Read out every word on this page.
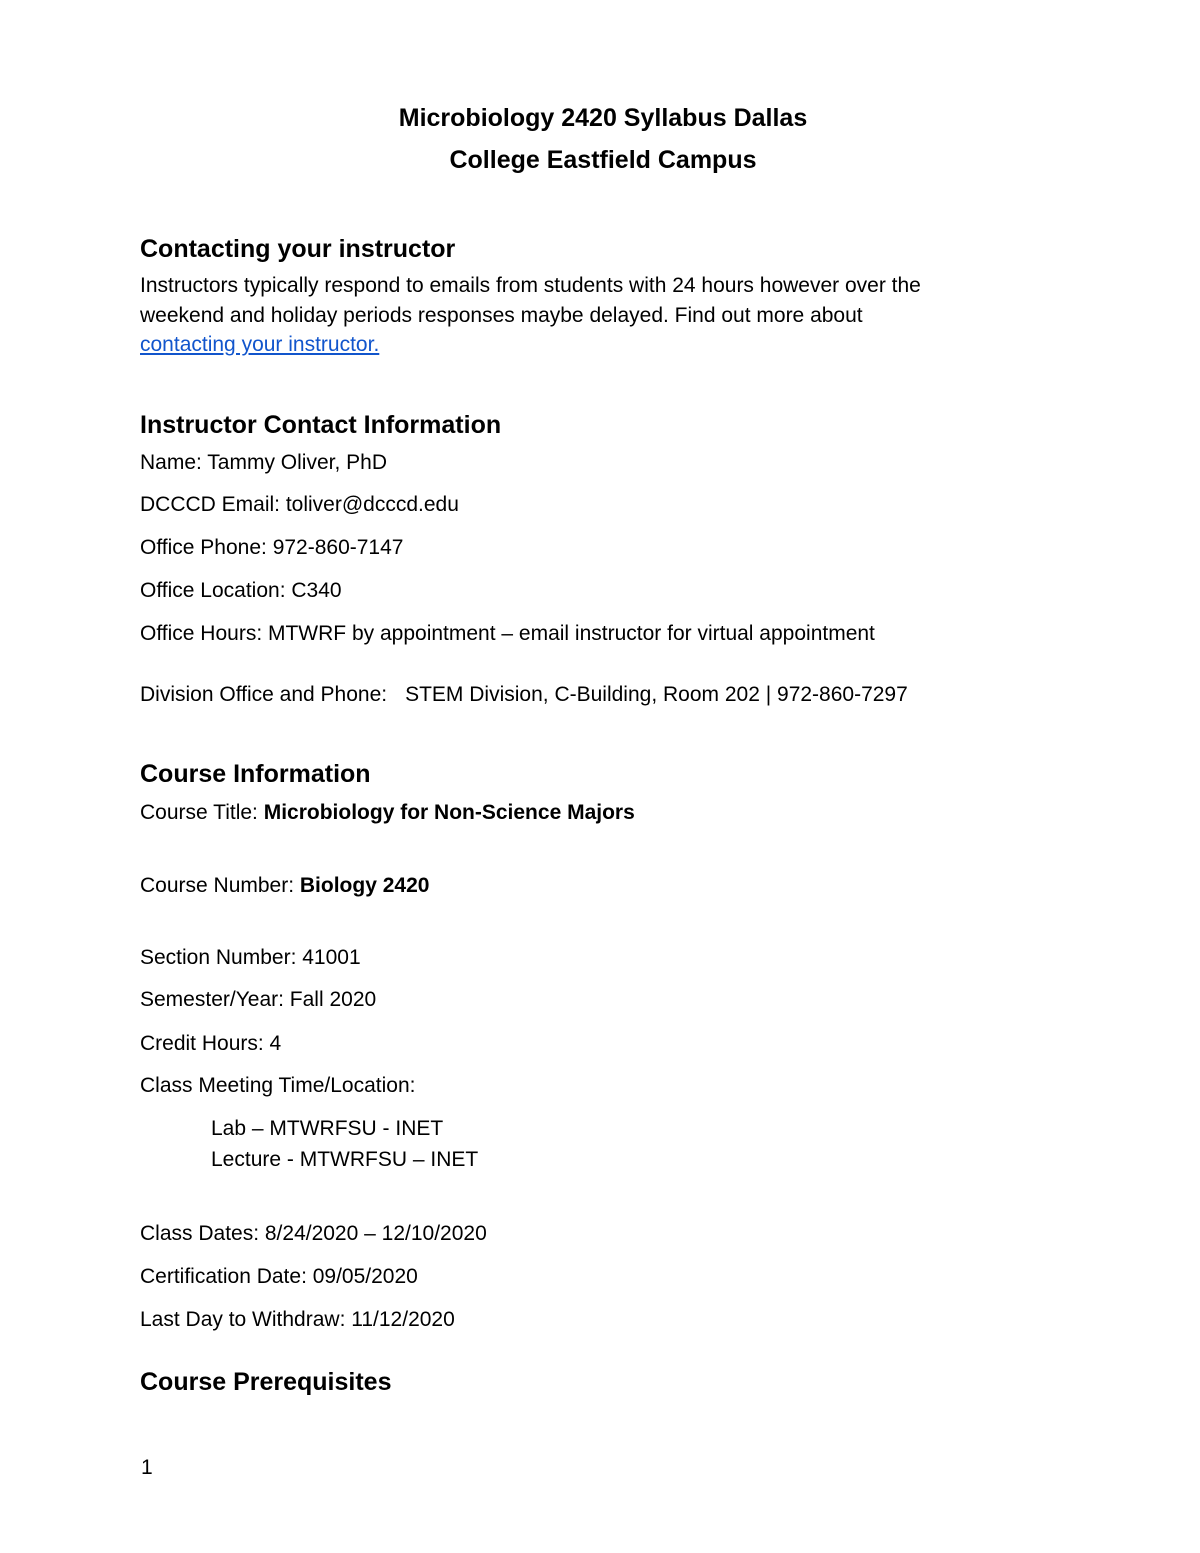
Microbiology 2420 Syllabus Dallas
College Eastfield Campus
Contacting your instructor
Instructors typically respond to emails from students with 24 hours however over the
weekend and holiday periods responses maybe delayed. Find out more about
contacting your instructor.
Instructor Contact Information
Name: Tammy Oliver, PhD
DCCCD Email: toliver@dcccd.edu
Office Phone: 972-860-7147
Office Location: C340
Office Hours: MTWRF by appointment – email instructor for virtual appointment
Division Office and Phone: STEM Division, C-Building, Room 202 | 972-860-7297
Course Information
Course Title: Microbiology for Non-Science Majors
Course Number: Biology 2420
Section Number: 41001
Semester/Year: Fall 2020
Credit Hours: 4
Class Meeting Time/Location:
Lab – MTWRFSU - INET
Lecture - MTWRFSU – INET
Class Dates: 8/24/2020 – 12/10/2020
Certification Date: 09/05/2020
Last Day to Withdraw: 11/12/2020
Course Prerequisites
1
